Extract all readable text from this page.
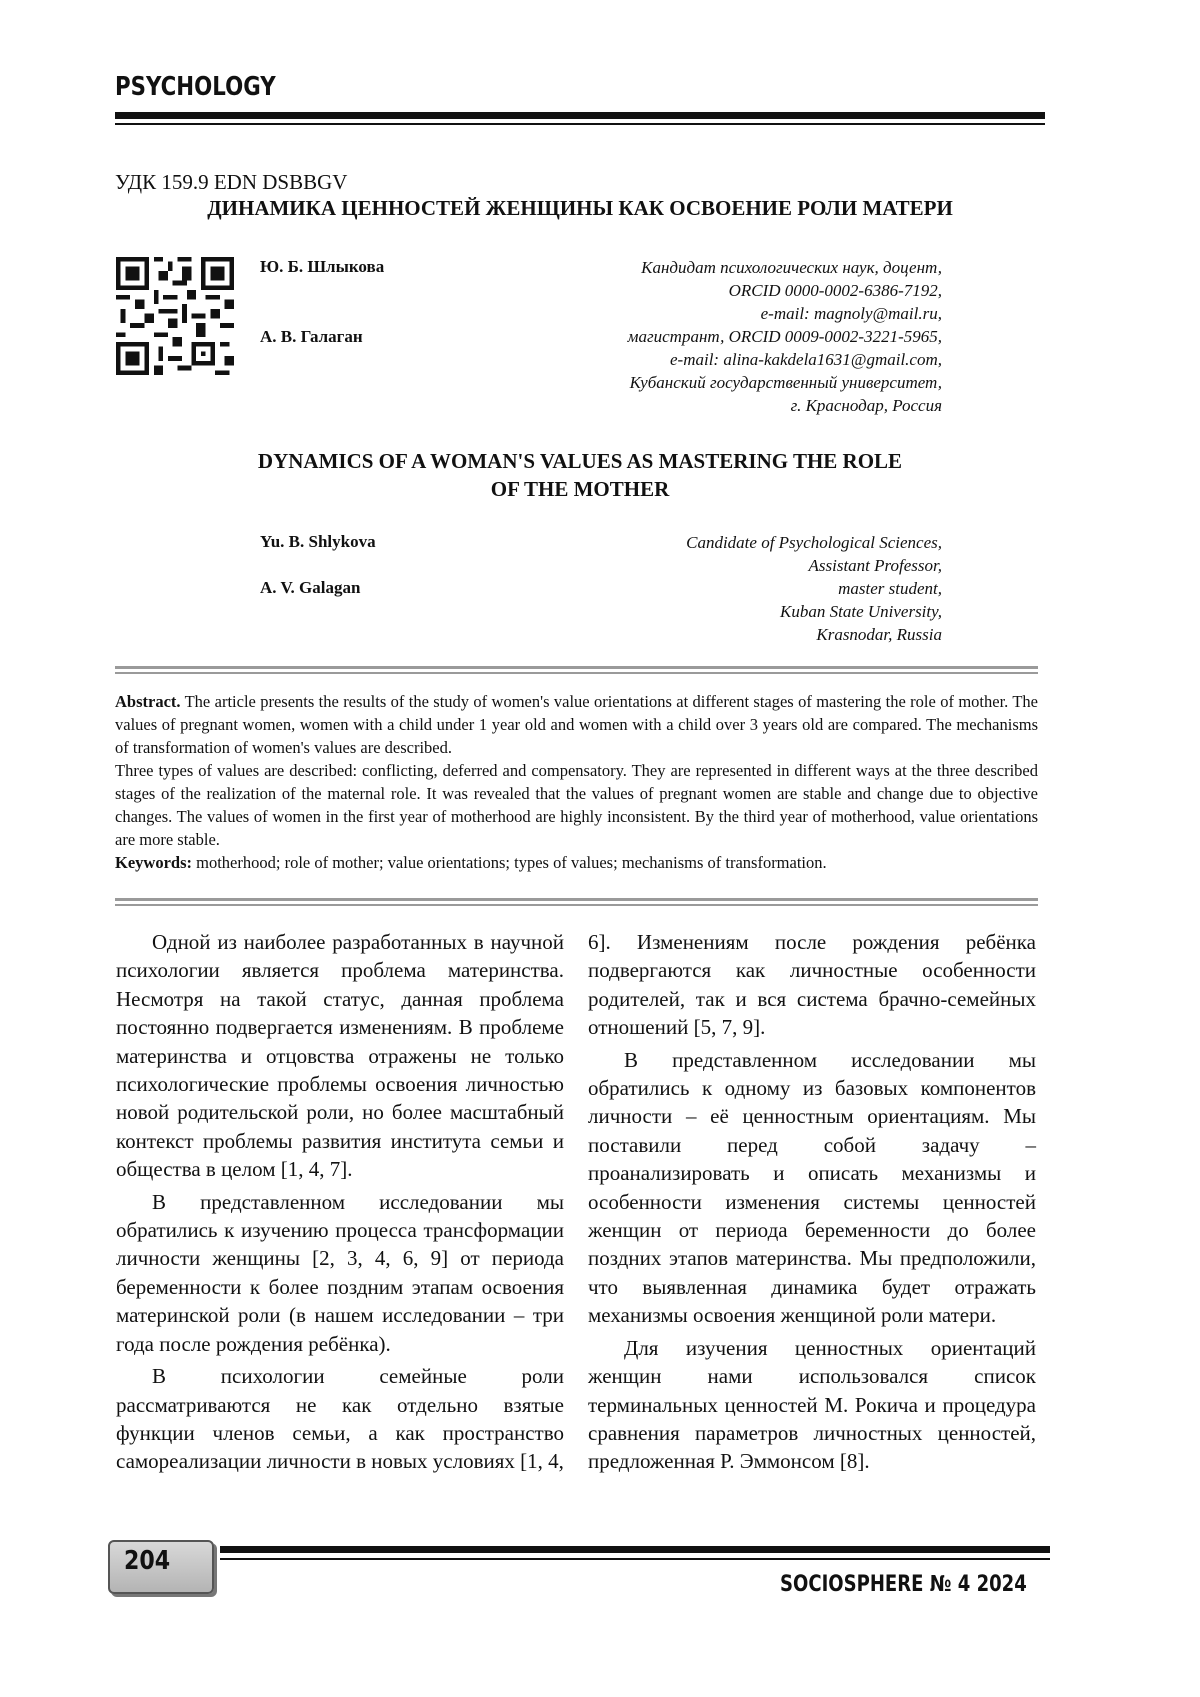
PSYCHOLOGY
УДК 159.9 EDN DSBBGV
ДИНАМИКА ЦЕННОСТЕЙ ЖЕНЩИНЫ КАК ОСВОЕНИЕ РОЛИ МАТЕРИ
Ю. Б. Шлыкова
А. В. Галаган
Кандидат психологических наук, доцент,
ORCID 0000-0002-6386-7192,
e-mail: magnoly@mail.ru,
магистрант, ORCID 0009-0002-3221-5965,
e-mail: alina-kakdela1631@gmail.com,
Кубанский государственный университет,
г. Краснодар, Россия
DYNAMICS OF A WOMAN'S VALUES AS MASTERING THE ROLE
OF THE MOTHER
Yu. B. Shlykova
A. V. Galagan
Candidate of Psychological Sciences,
Assistant Professor,
master student,
Kuban State University,
Krasnodar, Russia

Abstract. The article presents the results of the study of women's value orientations at different stages of mastering the role of mother. The values of pregnant women, women with a child under 1 year old and women with a child over 3 years old are compared. The mechanisms of transformation of women's values are described.

Three types of values are described: conflicting, deferred and compensatory. They are represented in different ways at the three described stages of the realization of the maternal role. It was revealed that the values of pregnant women are stable and change due to objective changes. The values of women in the first year of motherhood are highly inconsistent. By the third year of motherhood, value orientations are more stable.

Keywords: motherhood; role of mother; value orientations; types of values; mechanisms of transformation.

Одной из наиболее разработанных в научной психологии является проблема материнства. Несмотря на такой статус, данная проблема постоянно подвергается изменениям. В проблеме материнства и отцовства отражены не только психологические проблемы освоения личностью новой родительской роли, но более масштабный контекст проблемы развития института семьи и общества в целом [1, 4, 7].

В представленном исследовании мы обратились к изучению процесса трансформации личности женщины [2, 3, 4, 6, 9] от периода беременности к более поздним этапам освоения материнской роли (в нашем исследовании – три года после рождения ребёнка).

В психологии семейные роли рассматриваются не как отдельно взятые функции членов семьи, а как пространство самореализации личности в новых условиях [1, 4,

6]. Изменениям после рождения ребёнка подвергаются как личностные особенности родителей, так и вся система брачно-семейных отношений [5, 7, 9].

В представленном исследовании мы обратились к одному из базовых компонентов личности – её ценностным ориентациям. Мы поставили перед собой задачу – проанализировать и описать механизмы и особенности изменения системы ценностей женщин от периода беременности до более поздних этапов материнства. Мы предположили, что выявленная динамика будет отражать механизмы освоения женщиной роли матери.

Для изучения ценностных ориентаций женщин нами использовался список терминальных ценностей М. Рокича и процедура сравнения параметров личностных ценностей, предложенная Р. Эммонсом [8].

204
SOCIOSPHERE № 4 2024
